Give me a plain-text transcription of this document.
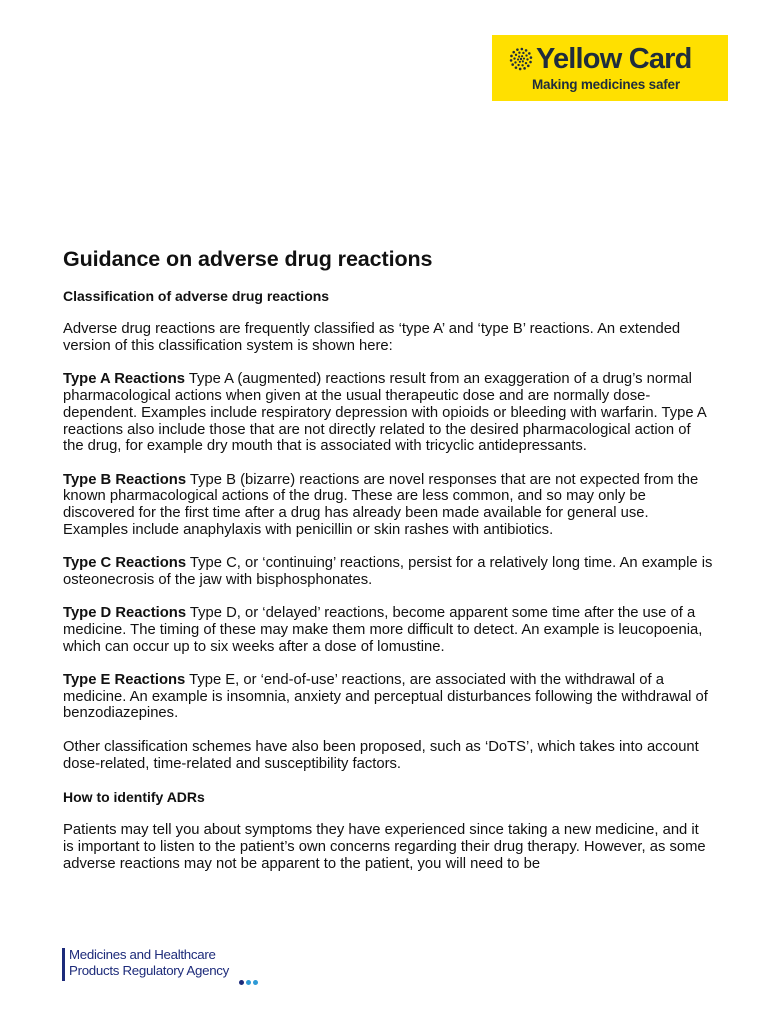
Yellow Card
Making medicines safer
Guidance on adverse drug reactions
Classification of adverse drug reactions

Adverse drug reactions are frequently classified as ‘type A’ and ‘type B’ reactions. An extended version of this classification system is shown here:

Type A Reactions Type A (augmented) reactions result from an exaggeration of a drug’s normal pharmacological actions when given at the usual therapeutic dose and are normally dose-dependent. Examples include respiratory depression with opioids or bleeding with warfarin. Type A reactions also include those that are not directly related to the desired pharmacological action of the drug, for example dry mouth that is associated with tricyclic antidepressants.

Type B Reactions Type B (bizarre) reactions are novel responses that are not expected from the known pharmacological actions of the drug. These are less common, and so may only be discovered for the first time after a drug has already been made available for general use. Examples include anaphylaxis with penicillin or skin rashes with antibiotics.

Type C Reactions Type C, or ‘continuing’ reactions, persist for a relatively long time. An example is osteonecrosis of the jaw with bisphosphonates.

Type D Reactions Type D, or ‘delayed’ reactions, become apparent some time after the use of a medicine. The timing of these may make them more difficult to detect. An example is leucopoenia, which can occur up to six weeks after a dose of lomustine.

Type E Reactions Type E, or ‘end-of-use’ reactions, are associated with the withdrawal of a medicine. An example is insomnia, anxiety and perceptual disturbances following the withdrawal of benzodiazepines.

Other classification schemes have also been proposed, such as ‘DoTS’, which takes into account dose-related, time-related and susceptibility factors.

How to identify ADRs

Patients may tell you about symptoms they have experienced since taking a new medicine, and it is important to listen to the patient’s own concerns regarding their drug therapy. However, as some adverse reactions may not be apparent to the patient, you will need to be

Medicines and Healthcare
Products Regulatory Agency
